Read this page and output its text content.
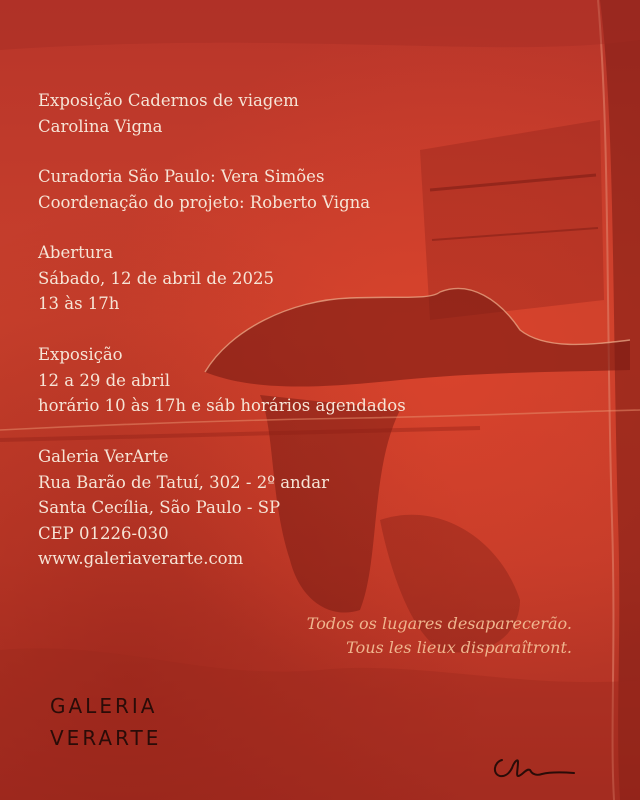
Exposição Cadernos de viagem
Carolina Vigna

Curadoria São Paulo: Vera Simões
Coordenação do projeto: Roberto Vigna

Abertura
Sábado, 12 de abril de 2025
13 às 17h

Exposição
12 a 29 de abril
horário 10 às 17h e sáb horários agendados

Galeria VerArte
Rua Barão de Tatuí, 302 - 2º andar
Santa Cecília, São Paulo - SP
CEP 01226-030
www.galeriaverarte.com

Todos os lugares desaparecerão.
Tous les lieux disparaîtront.

GALERIA
VERARTE
